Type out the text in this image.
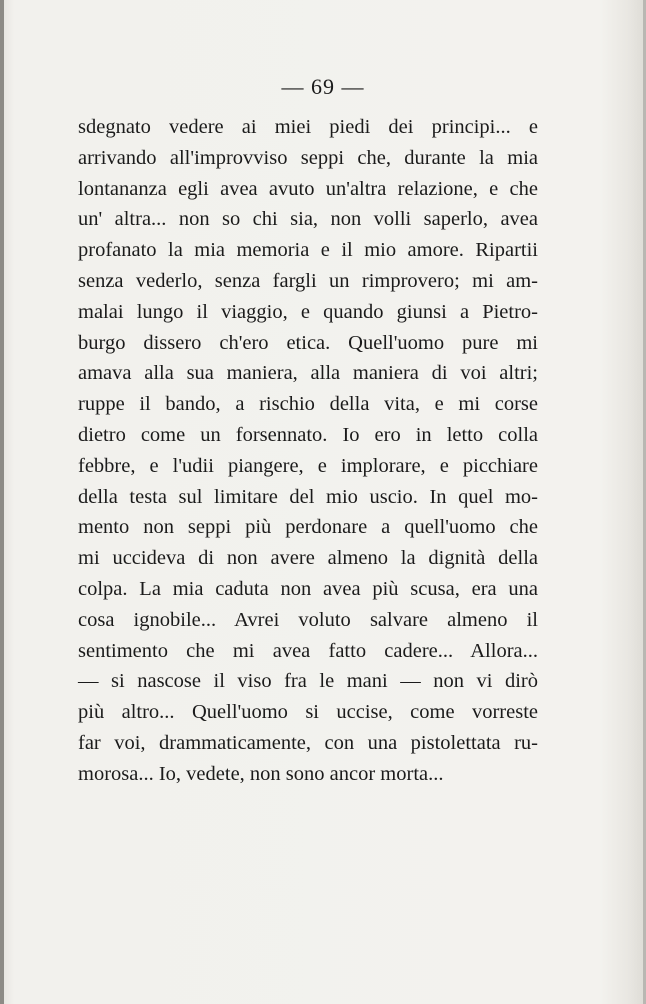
— 69 —
sdegnato vedere ai miei piedi dei principi... e
arrivando all'improvviso seppi che, durante la mia
lontananza egli avea avuto un'altra relazione, e che
un' altra... non so chi sia, non volli saperlo, avea
profanato la mia memoria e il mio amore. Ripartii
senza vederlo, senza fargli un rimprovero; mi am-
malai lungo il viaggio, e quando giunsi a Pietro-
burgo dissero ch'ero etica. Quell'uomo pure mi
amava alla sua maniera, alla maniera di voi altri;
ruppe il bando, a rischio della vita, e mi corse
dietro come un forsennato. Io ero in letto colla
febbre, e l'udii piangere, e implorare, e picchiare
della testa sul limitare del mio uscio. In quel mo-
mento non seppi più perdonare a quell'uomo che
mi uccideva di non avere almeno la dignità della
colpa. La mia caduta non avea più scusa, era una
cosa ignobile... Avrei voluto salvare almeno il
sentimento che mi avea fatto cadere... Allora...
— si nascose il viso fra le mani — non vi dirò
più altro... Quell'uomo si uccise, come vorreste
far voi, drammaticamente, con una pistolettata ru-
morosa... Io, vedete, non sono ancor morta...
